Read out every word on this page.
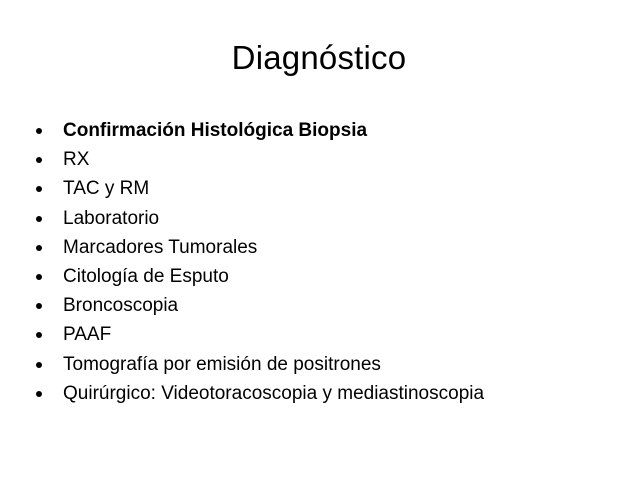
Diagnóstico
Confirmación Histológica Biopsia
RX
TAC y RM
Laboratorio
Marcadores Tumorales
Citología de Esputo
Broncoscopia
PAAF
Tomografía por emisión de positrones
Quirúrgico: Videotoracoscopia y mediastinoscopia
